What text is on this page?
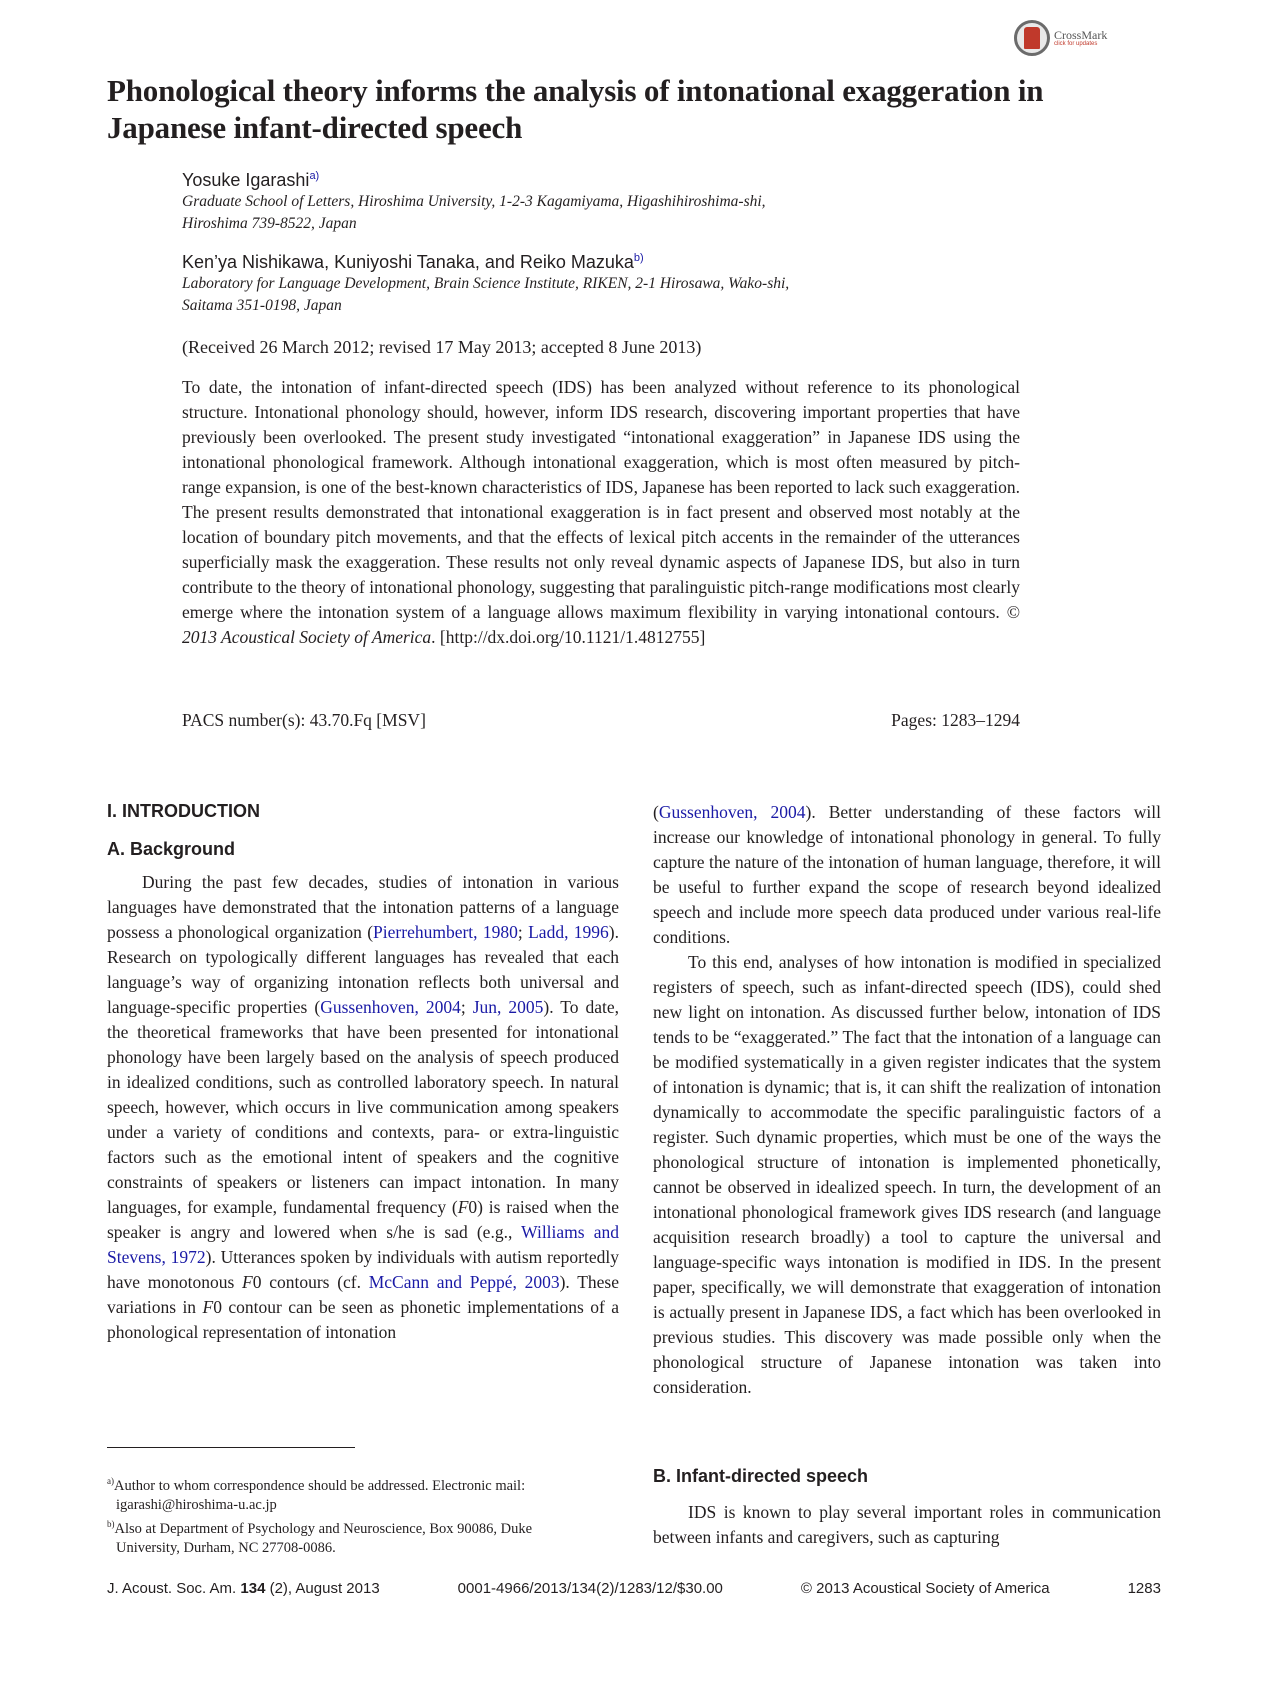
CrossMark
click for updates
Phonological theory informs the analysis of intonational exaggeration in Japanese infant-directed speech
Yosuke Igarashi$^{a)}$
Graduate School of Letters, Hiroshima University, 1-2-3 Kagamiyama, Higashihiroshima-shi,
Hiroshima 739-8522, Japan
Ken’ya Nishikawa, Kuniyoshi Tanaka, and Reiko Mazuka$^{b)}$
Laboratory for Language Development, Brain Science Institute, RIKEN, 2-1 Hirosawa, Wako-shi,
Saitama 351-0198, Japan
(Received 26 March 2012; revised 17 May 2013; accepted 8 June 2013)
To date, the intonation of infant-directed speech (IDS) has been analyzed without reference to its phonological structure. Intonational phonology should, however, inform IDS research, discovering important properties that have previously been overlooked. The present study investigated “intonational exaggeration” in Japanese IDS using the intonational phonological framework. Although intonational exaggeration, which is most often measured by pitch-range expansion, is one of the best-known characteristics of IDS, Japanese has been reported to lack such exaggeration. The present results demonstrated that intonational exaggeration is in fact present and observed most notably at the location of boundary pitch movements, and that the effects of lexical pitch accents in the remainder of the utterances superficially mask the exaggeration. These results not only reveal dynamic aspects of Japanese IDS, but also in turn contribute to the theory of intonational phonology, suggesting that paralinguistic pitch-range modifications most clearly emerge where the intonation system of a language allows maximum flexibility in varying intonational contours. © 2013 Acoustical Society of America. [http://dx.doi.org/10.1121/1.4812755]
PACS number(s): 43.70.Fq [MSV]	Pages: 1283–1294
I. INTRODUCTION
A. Background

During the past few decades, studies of intonation in various languages have demonstrated that the intonation patterns of a language possess a phonological organization (Pierrehumbert, 1980; Ladd, 1996). Research on typologically different languages has revealed that each language’s way of organizing intonation reflects both universal and language-specific properties (Gussenhoven, 2004; Jun, 2005). To date, the theoretical frameworks that have been presented for intonational phonology have been largely based on the analysis of speech produced in idealized conditions, such as controlled laboratory speech. In natural speech, however, which occurs in live communication among speakers under a variety of conditions and contexts, para- or extra-linguistic factors such as the emotional intent of speakers and the cognitive constraints of speakers or listeners can impact intonation. In many languages, for example, fundamental frequency (F0) is raised when the speaker is angry and lowered when s/he is sad (e.g., Williams and Stevens, 1972). Utterances spoken by individuals with autism reportedly have monotonous F0 contours (cf. McCann and Peppé, 2003). These variations in F0 contour can be seen as phonetic implementations of a phonological representation of intonation

$^{a)}$Author to whom correspondence should be addressed. Electronic mail:
igarashi@hiroshima-u.ac.jp

$^{b)}$Also at Department of Psychology and Neuroscience, Box 90086, Duke
University, Durham, NC 27708-0086.

(Gussenhoven, 2004). Better understanding of these factors will increase our knowledge of intonational phonology in general. To fully capture the nature of the intonation of human language, therefore, it will be useful to further expand the scope of research beyond idealized speech and include more speech data produced under various real-life conditions.

To this end, analyses of how intonation is modified in specialized registers of speech, such as infant-directed speech (IDS), could shed new light on intonation. As discussed further below, intonation of IDS tends to be “exaggerated.” The fact that the intonation of a language can be modified systematically in a given register indicates that the system of intonation is dynamic; that is, it can shift the realization of intonation dynamically to accommodate the specific paralinguistic factors of a register. Such dynamic properties, which must be one of the ways the phonological structure of intonation is implemented phonetically, cannot be observed in idealized speech. In turn, the development of an intonational phonological framework gives IDS research (and language acquisition research broadly) a tool to capture the universal and language-specific ways intonation is modified in IDS. In the present paper, specifically, we will demonstrate that exaggeration of intonation is actually present in Japanese IDS, a fact which has been overlooked in previous studies. This discovery was made possible only when the phonological structure of Japanese intonation was taken into consideration.

B. Infant-directed speech

IDS is known to play several important roles in communication between infants and caregivers, such as capturing

J. Acoust. Soc. Am. 134 (2), August 2013	0001-4966/2013/134(2)/1283/12/$30.00	© 2013 Acoustical Society of America	1283
